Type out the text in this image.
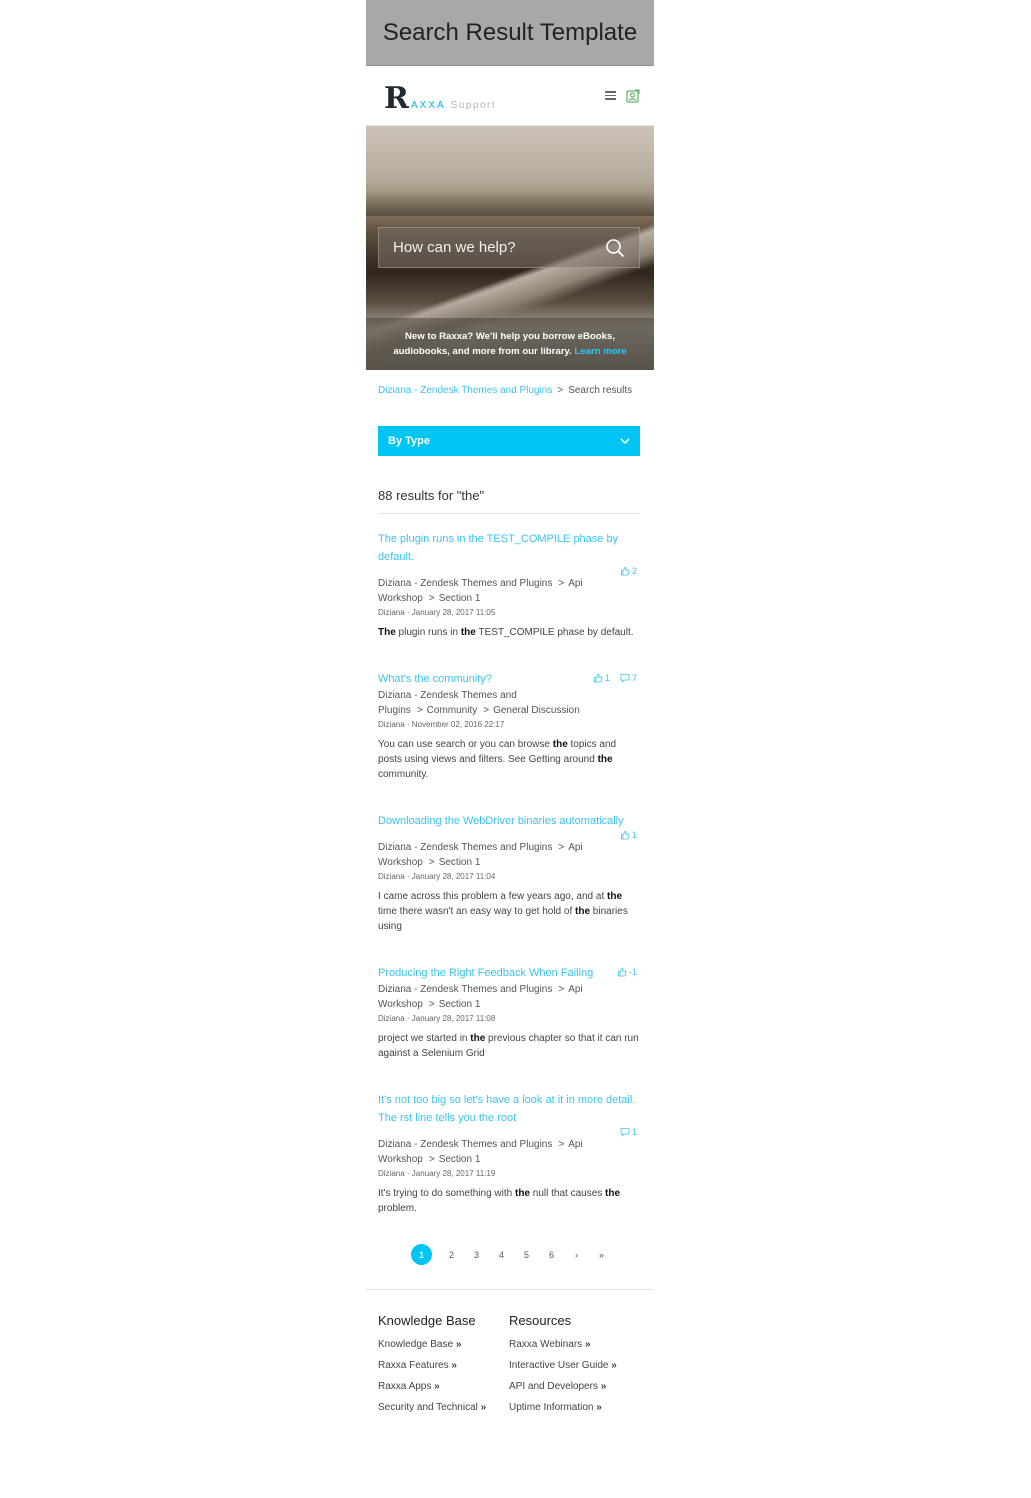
Search Result Template
R AXXA Support
How can we help?
New to Raxxa? We'll help you borrow eBooks,
audiobooks, and more from our library. Learn more
Diziana - Zendesk Themes and Plugins > Search results
By Type
88 results for "the"
The plugin runs in the TEST_COMPILE phase by default.
2
Diziana - Zendesk Themes and Plugins > Api Workshop > Section 1
Diziana · January 28, 2017 11:05
The plugin runs in the TEST_COMPILE phase by default.
What's the community?	1 7
Diziana - Zendesk Themes and Plugins > Community > General Discussion
Diziana · November 02, 2016 22:17
You can use search or you can browse the topics and posts using views and filters. See Getting around the community.
Downloading the WebDriver binaries automatically
1
Diziana - Zendesk Themes and Plugins > Api Workshop > Section 1
Diziana · January 28, 2017 11:04
I came across this problem a few years ago, and at the time there wasn't an easy way to get hold of the binaries using
Producing the Right Feedback When Failing	-1
Diziana - Zendesk Themes and Plugins > Api Workshop > Section 1
Diziana · January 28, 2017 11:08
project we started in the previous chapter so that it can run against a Selenium Grid
It's not too big so let's have a look at it in more detail. The rst line tells you the root
1
Diziana - Zendesk Themes and Plugins > Api Workshop > Section 1
Diziana · January 28, 2017 11:19
It's trying to do something with the null that causes the problem.
1	2	3	4	5	6	›	»
Knowledge Base
Knowledge Base »
Raxxa Features »
Raxxa Apps »
Security and Technical »
Resources
Raxxa Webinars »
Interactive User Guide »
API and Developers »
Uptime Information »
